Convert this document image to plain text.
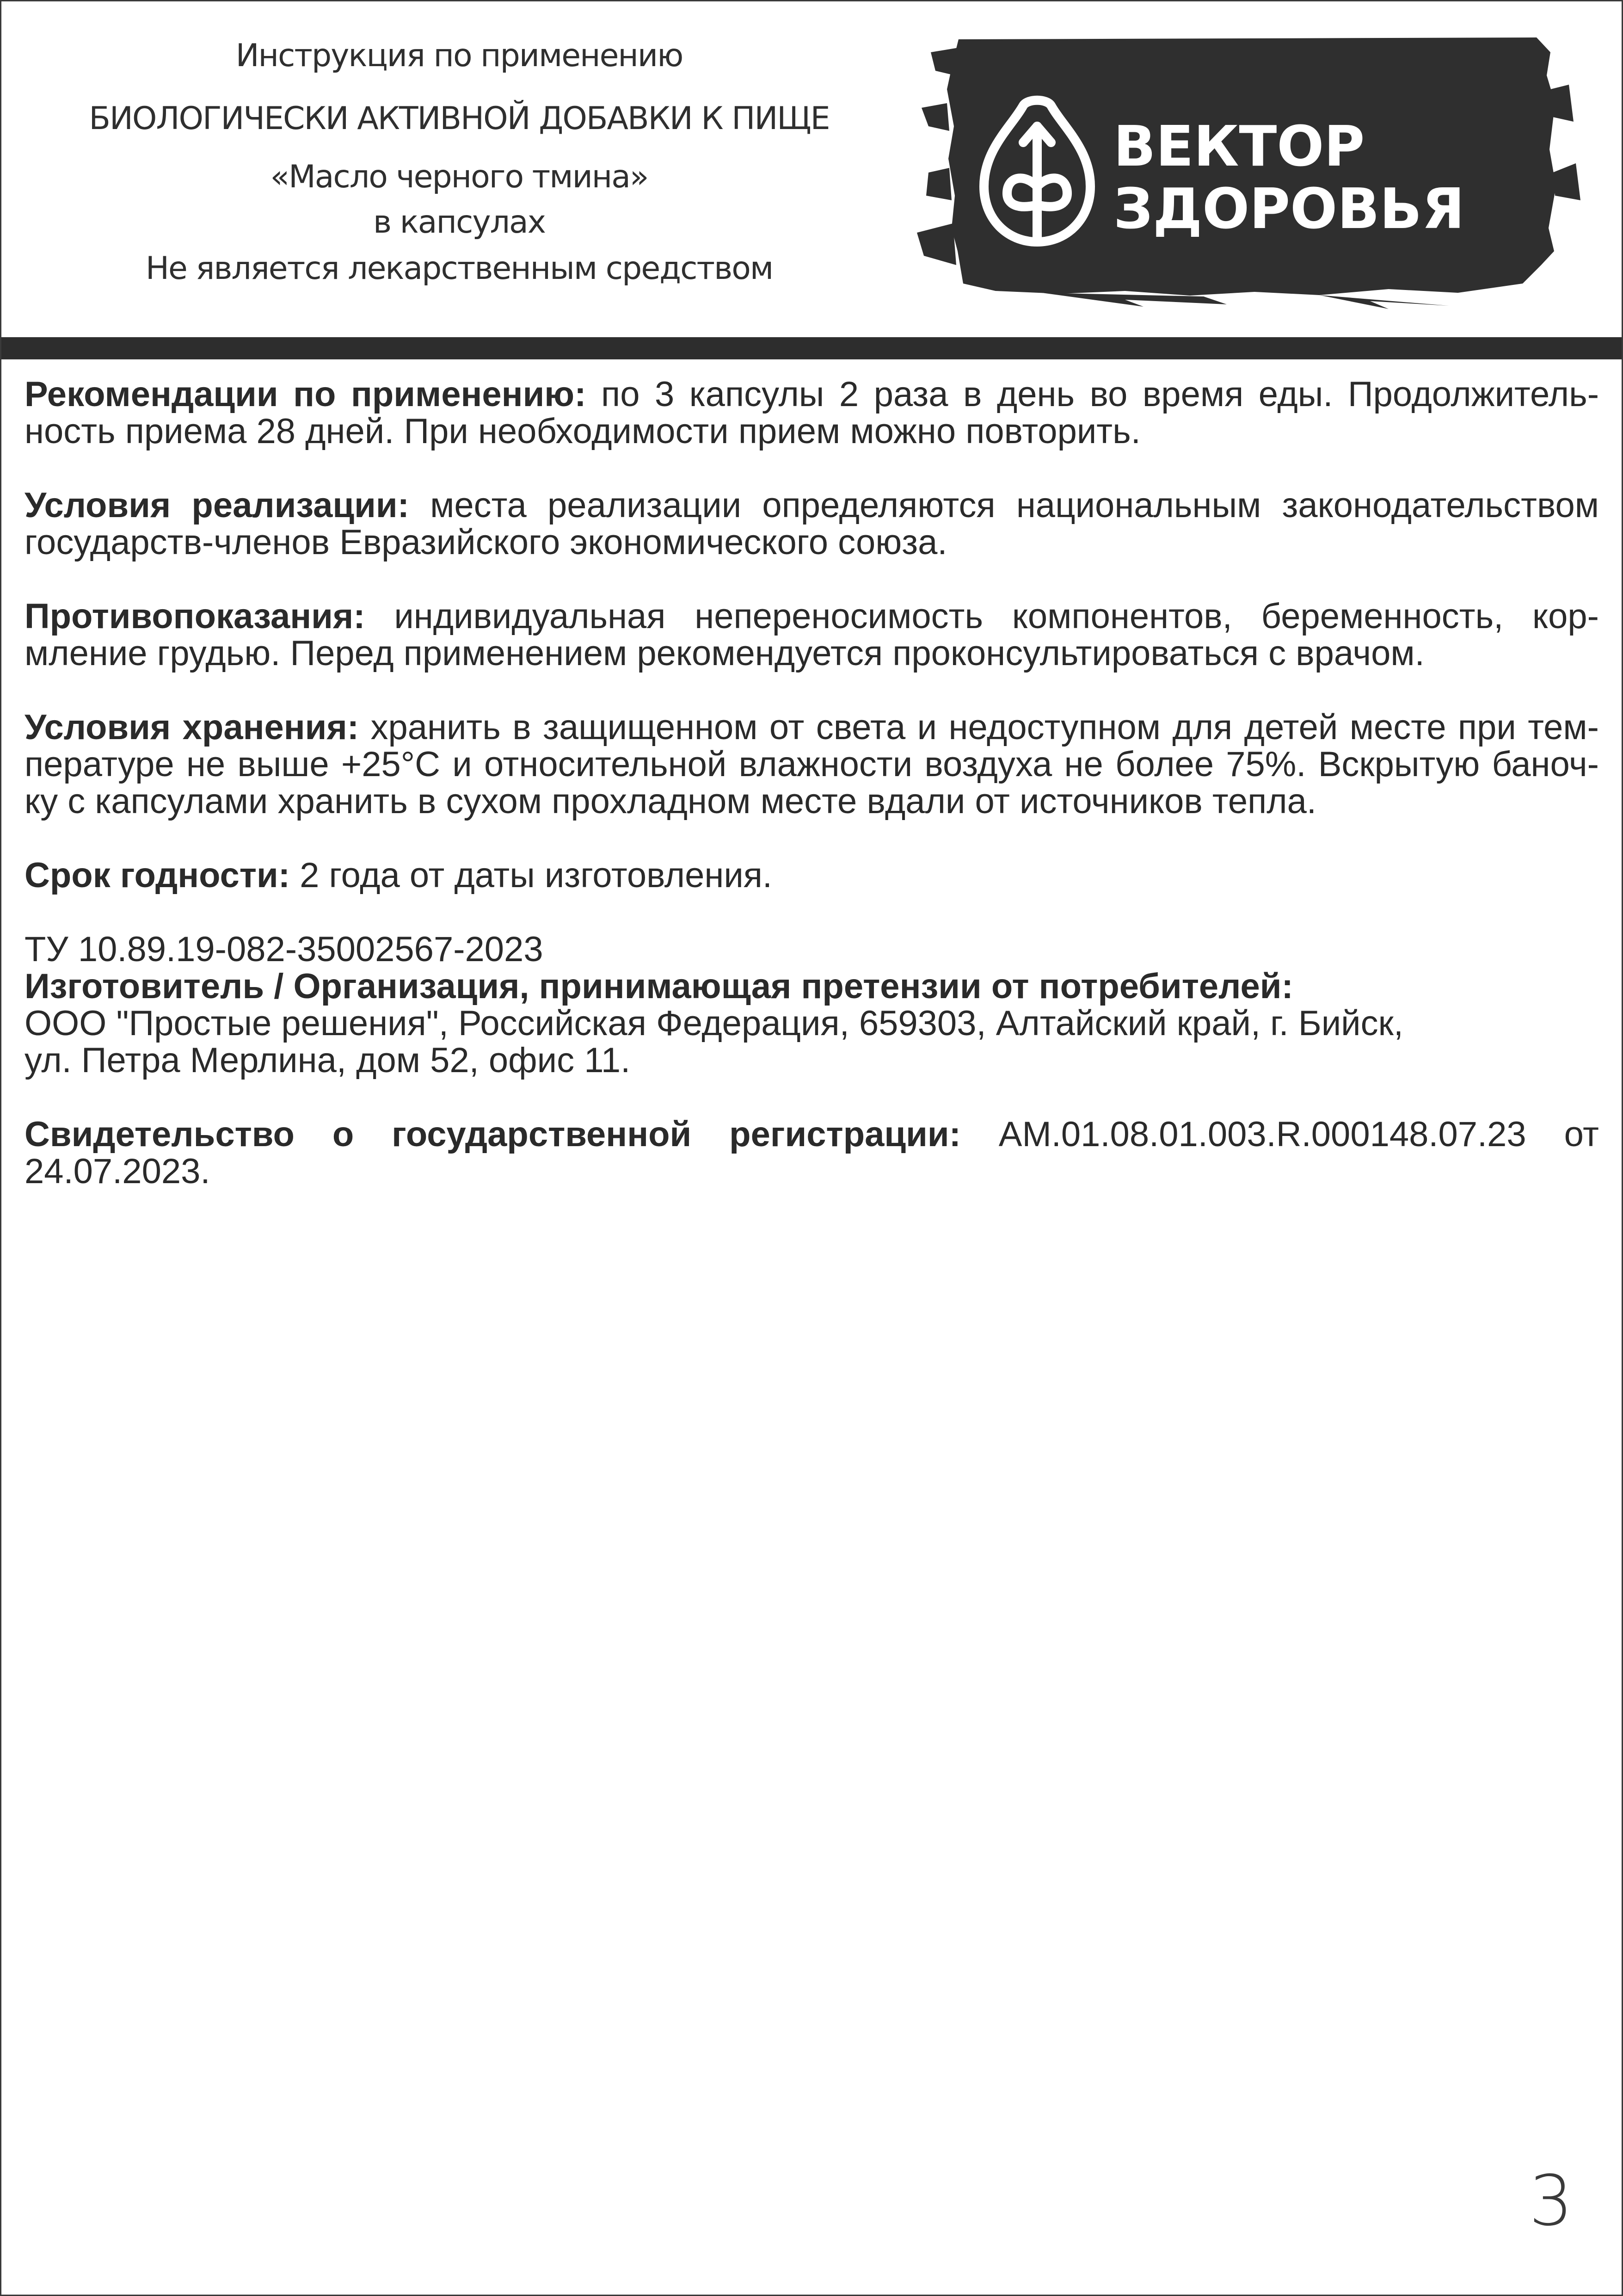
Инструкция по применению
БИОЛОГИЧЕСКИ АКТИВНОЙ ДОБАВКИ К ПИЩЕ
«Масло черного тмина»
в капсулах
Не является лекарственным средством
ВЕКТОР
ЗДОРОВЬЯ

Рекомендации по применению: по 3 капсулы 2 раза в день во время еды. Продолжитель-ность приема 28 дней. При необходимости прием можно повторить.

Условия реализации: места реализации определяются национальным законодательством государств-членов Евразийского экономического союза.

Противопоказания: индивидуальная непереносимость компонентов, беременность, кор-мление грудью. Перед применением рекомендуется проконсультироваться с врачом.

Условия хранения: хранить в защищенном от света и недоступном для детей месте при тем-пературе не выше +25°С и относительной влажности воздуха не более 75%. Вскрытую баноч-ку с капсулами хранить в сухом прохладном месте вдали от источников тепла.

Срок годности: 2 года от даты изготовления.

ТУ 10.89.19-082-35002567-2023
Изготовитель / Организация, принимающая претензии от потребителей:
ООО "Простые решения", Российская Федерация, 659303, Алтайский край, г. Бийск,
ул. Петра Мерлина, дом 52, офис 11.

Свидетельство о государственной регистрации: АМ.01.08.01.003.R.000148.07.23 от 24.07.2023.

3
